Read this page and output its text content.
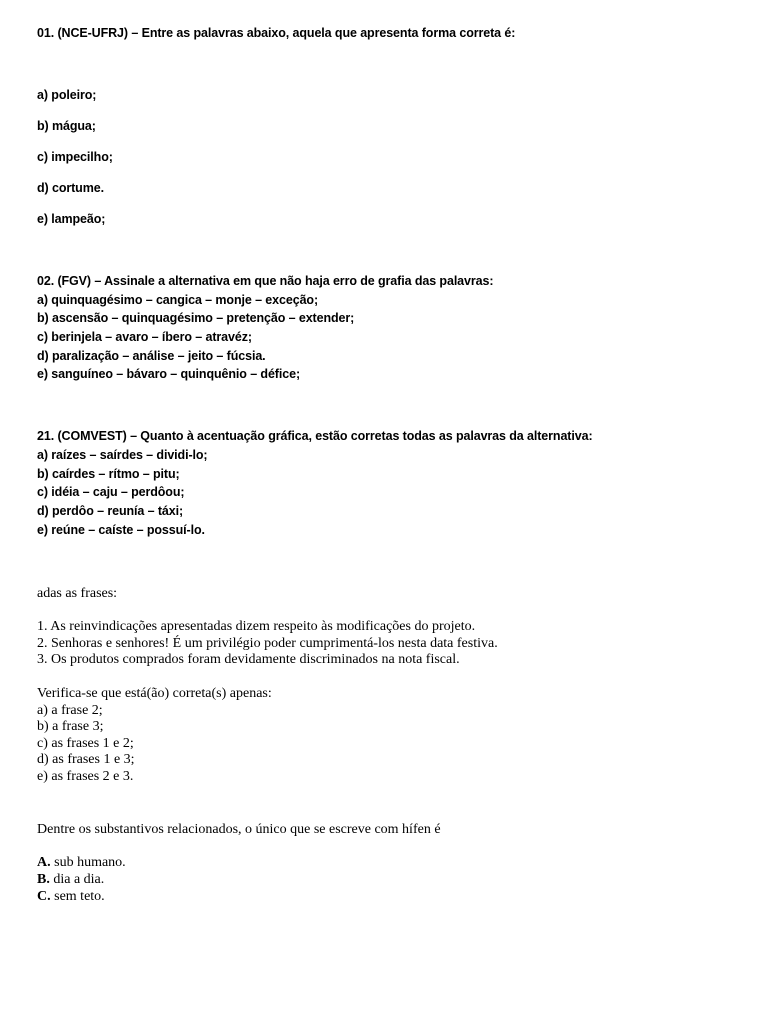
01. (NCE-UFRJ) – Entre as palavras abaixo, aquela que apresenta forma correta é:
a) poleiro;
b) mágua;
c) impecilho;
d) cortume.
e) lampeão;
02. (FGV) – Assinale a alternativa em que não haja erro de grafia das palavras:
a) quinquagésimo – cangica – monje – exceção;
b) ascensão – quinquagésimo – pretenção – extender;
c) berinjela – avaro – íbero – atravéz;
d) paralização – análise – jeito – fúcsia.
e) sanguíneo – bávaro – quinquênio – défice;
21. (COMVEST) – Quanto à acentuação gráfica, estão corretas todas as palavras da alternativa:
a) raízes – saírdes – dividi-lo;
b) caírdes – rítmo – pitu;
c) idéia – caju – perdôou;
d) perdôo – reunía – táxi;
e) reúne – caíste – possuí-lo.
adas as frases:
1. As reinvindicações apresentadas dizem respeito às modificações do projeto.
2. Senhoras e senhores! É um privilégio poder cumprimentá-los nesta data festiva.
3. Os produtos comprados foram devidamente discriminados na nota fiscal.
Verifica-se que está(ão) correta(s) apenas:
a) a frase 2;
b) a frase 3;
c) as frases 1 e 2;
d) as frases 1 e 3;
e) as frases 2 e 3.
Dentre os substantivos relacionados, o único que se escreve com hífen é
A. sub humano.
B. dia a dia.
C. sem teto.
